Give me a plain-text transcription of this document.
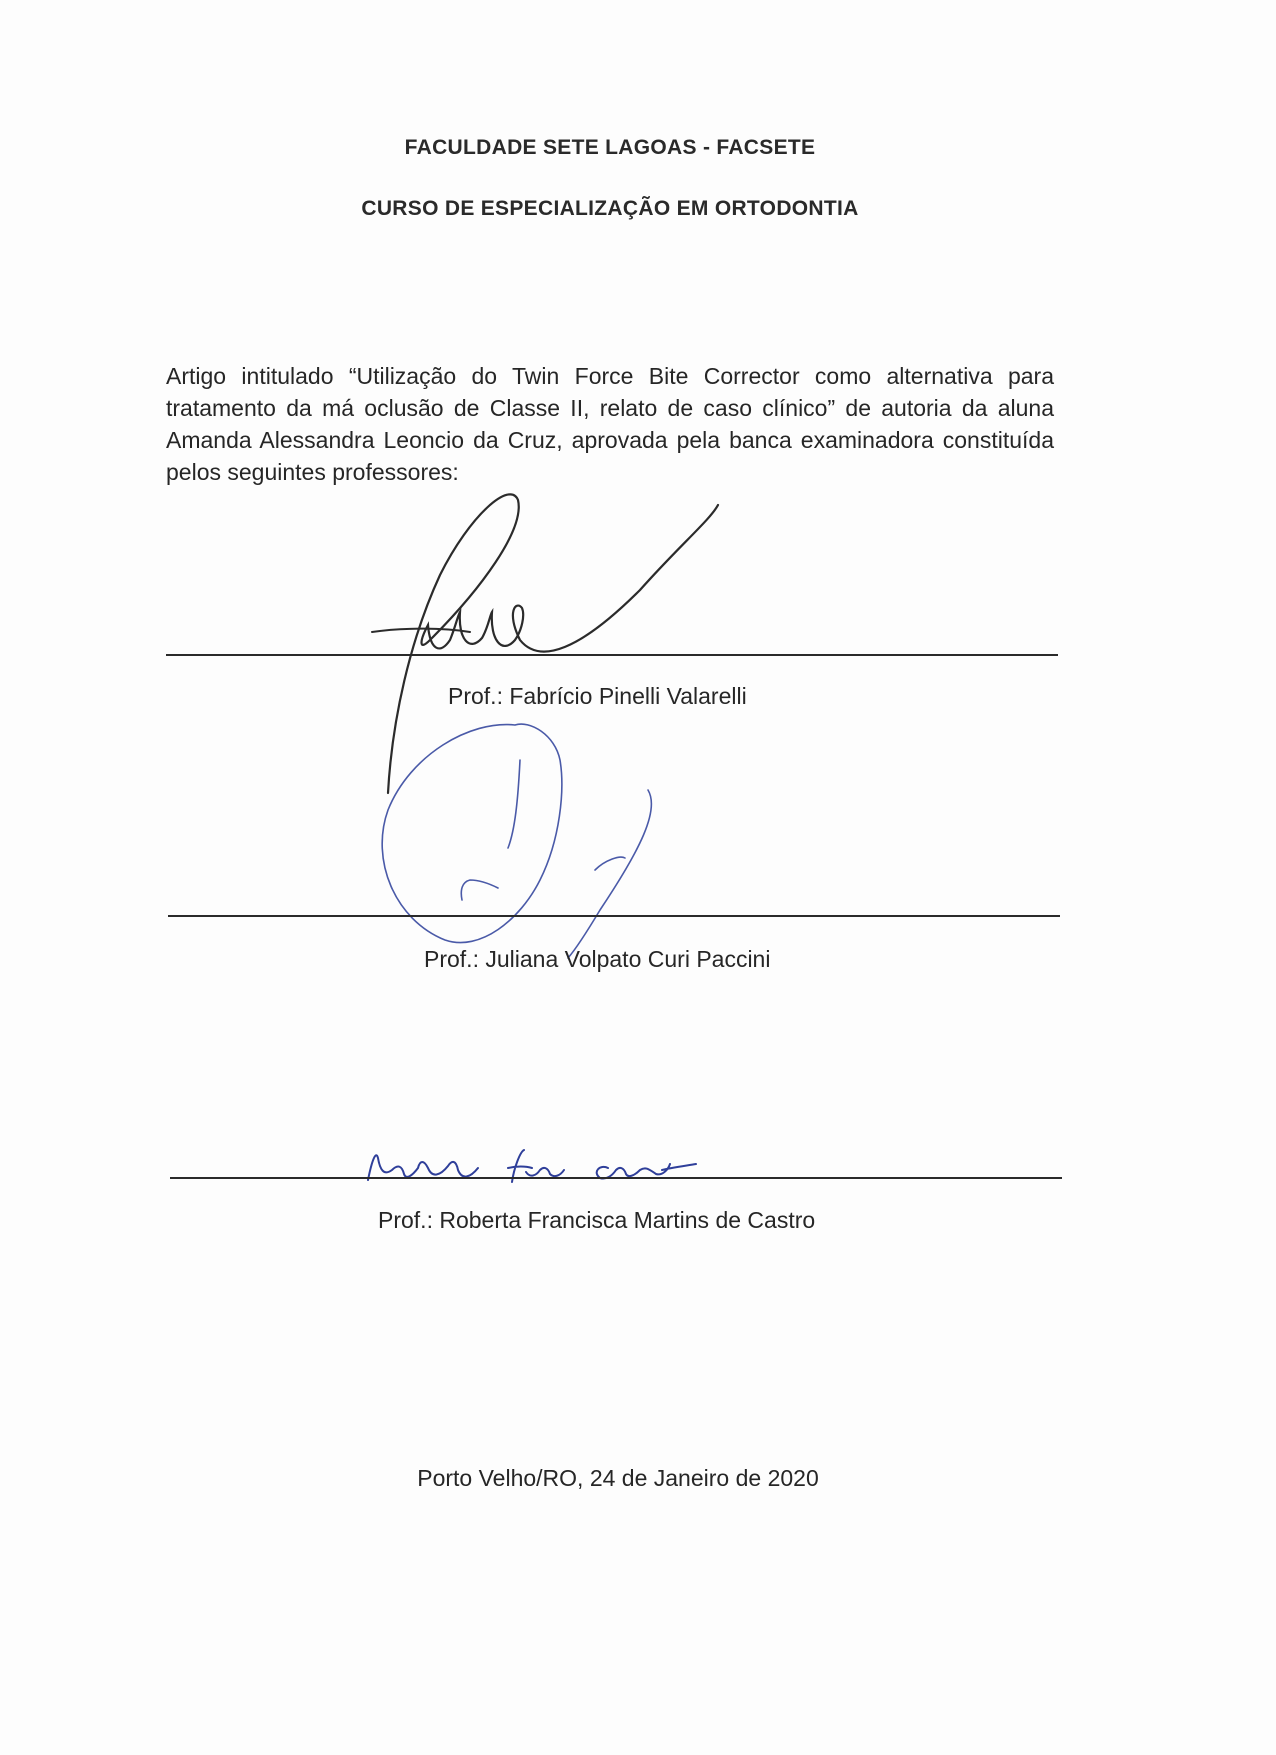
FACULDADE SETE LAGOAS - FACSETE
CURSO DE ESPECIALIZAÇÃO EM ORTODONTIA
Artigo intitulado “Utilização do Twin Force Bite Corrector como alternativa para tratamento da má oclusão de Classe II, relato de caso clínico” de autoria da aluna Amanda Alessandra Leoncio da Cruz, aprovada pela banca examinadora constituída pelos seguintes professores:
Prof.: Fabrício Pinelli Valarelli
Prof.: Juliana Volpato Curi Paccini
Prof.: Roberta Francisca Martins de Castro
Porto Velho/RO, 24 de Janeiro de 2020
